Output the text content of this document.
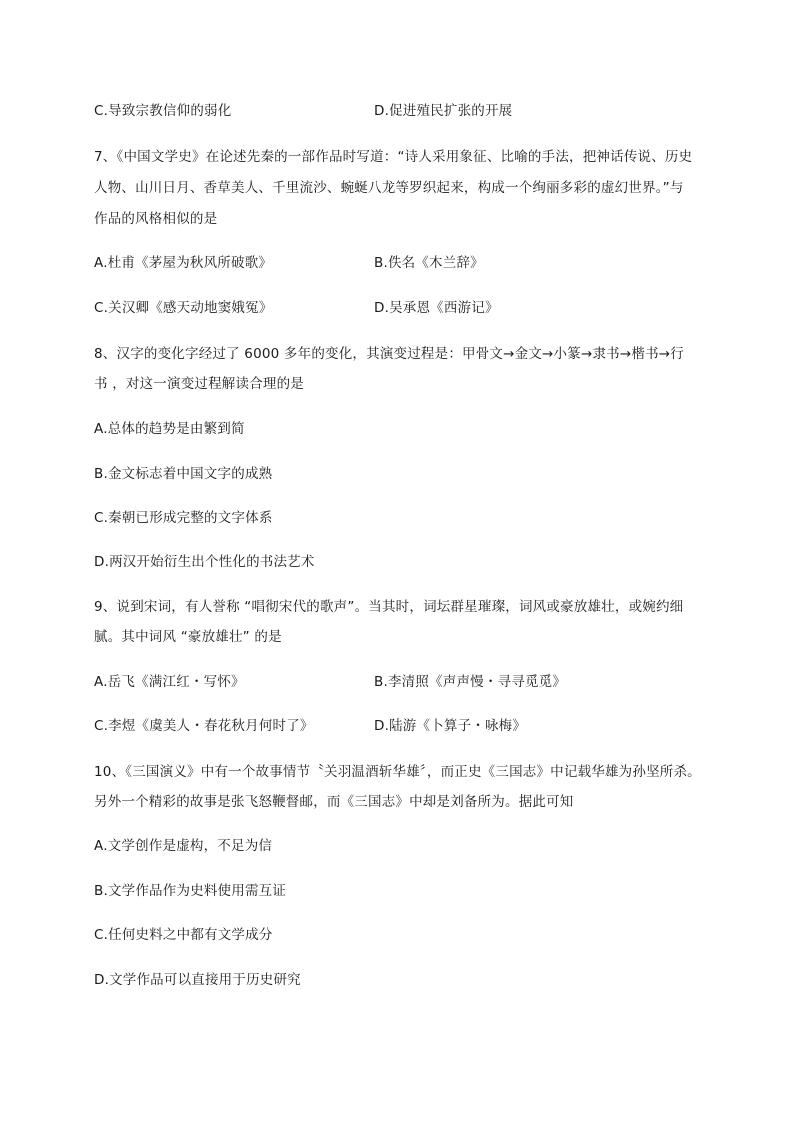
C.导致宗教信仰的弱化	D.促进殖民扩张的开展
7、《中国文学史》在论述先秦的一部作品时写道：“诗人采用象征、比喻的手法，把神话传说、历史
人物、山川日月、香草美人、千里流沙、蜿蜒八龙等罗织起来，构成一个绚丽多彩的虚幻世界。”与
作品的风格相似的是
A.杜甫《茅屋为秋风所破歌》	B.佚名《木兰辞》
C.关汉卿《感天动地窦娥冤》	D.吴承恩《西游记》
8、汉字的变化字经过了 6000 多年的变化，其演变过程是：甲骨文→金文→小篆→隶书→楷书→行
书 ，对这一演变过程解读合理的是
A.总体的趋势是由繁到简
B.金文标志着中国文字的成熟
C.秦朝已形成完整的文字体系
D.两汉开始衍生出个性化的书法艺术
9、说到宋词，有人誉称 “唱彻宋代的歌声”。当其时，词坛群星璀璨，词风或豪放雄壮，或婉约细
腻。其中词风 “豪放雄壮” 的是
A.岳飞《满江红・写怀》	B.李清照《声声慢・寻寻觅觅》
C.李煜《虞美人・春花秋月何时了》	D.陆游《卜算子・咏梅》
10、《三国演义》中有一个故事情节〝关羽温酒斩华雄〞，而正史《三国志》中记载华雄为孙坚所杀。
另外一个精彩的故事是张飞怒鞭督邮，而《三国志》中却是刘备所为。据此可知
A.文学创作是虚构，不足为信
B.文学作品作为史料使用需互证
C.任何史料之中都有文学成分
D.文学作品可以直接用于历史研究
